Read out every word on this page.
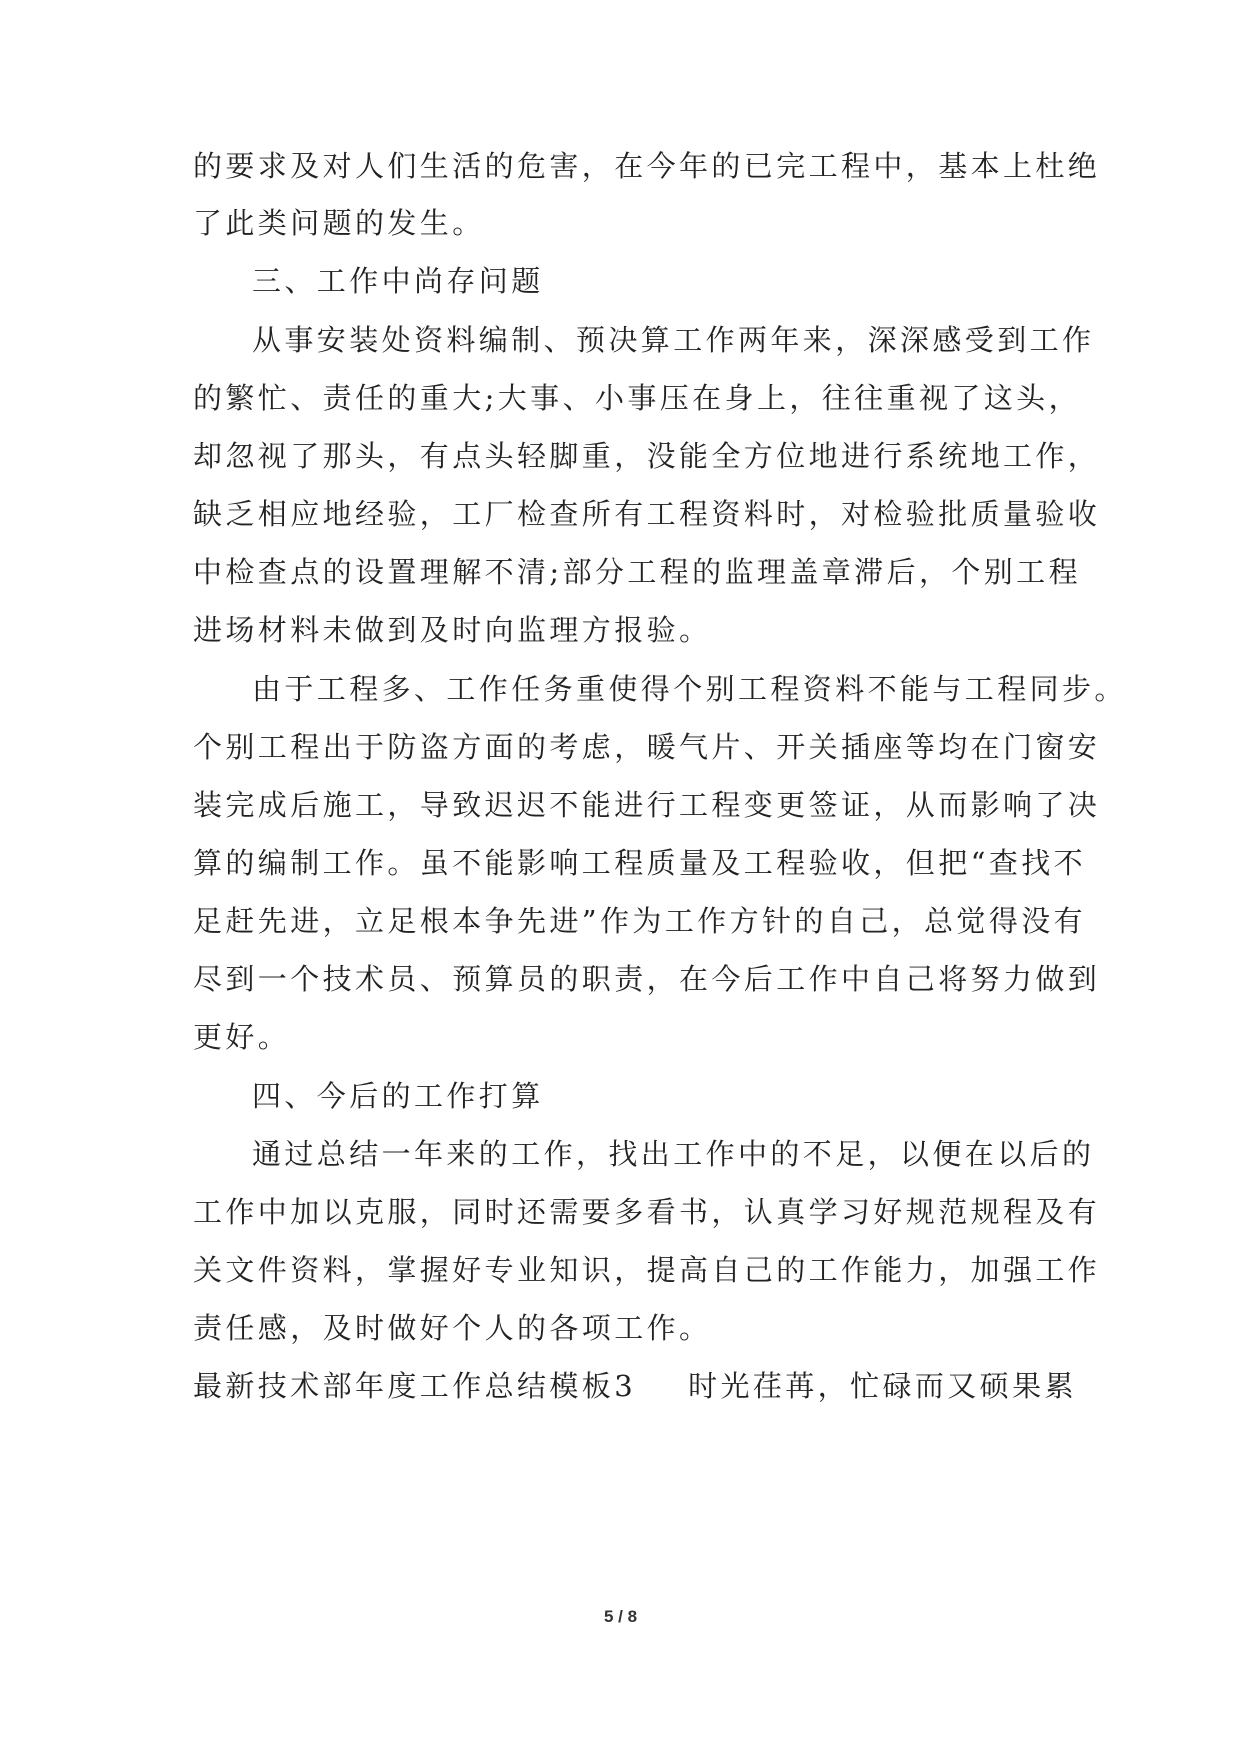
的要求及对人们生活的危害，在今年的已完工程中，基本上杜绝
了此类问题的发生。
三、工作中尚存问题
从事安装处资料编制、预决算工作两年来，深深感受到工作
的繁忙、责任的重大;大事、小事压在身上，往往重视了这头，
却忽视了那头，有点头轻脚重，没能全方位地进行系统地工作，
缺乏相应地经验，工厂检查所有工程资料时，对检验批质量验收
中检查点的设置理解不清;部分工程的监理盖章滞后，个别工程
进场材料未做到及时向监理方报验。
由于工程多、工作任务重使得个别工程资料不能与工程同步。
个别工程出于防盗方面的考虑，暖气片、开关插座等均在门窗安
装完成后施工，导致迟迟不能进行工程变更签证，从而影响了决
算的编制工作。虽不能影响工程质量及工程验收，但把“查找不
足赶先进，立足根本争先进”作为工作方针的自己，总觉得没有
尽到一个技术员、预算员的职责，在今后工作中自己将努力做到
更好。
四、今后的工作打算
通过总结一年来的工作，找出工作中的不足，以便在以后的
工作中加以克服，同时还需要多看书，认真学习好规范规程及有
关文件资料，掌握好专业知识，提高自己的工作能力，加强工作
责任感，及时做好个人的各项工作。
最新技术部年度工作总结模板3 时光荏苒，忙碌而又硕果累
5 / 8
